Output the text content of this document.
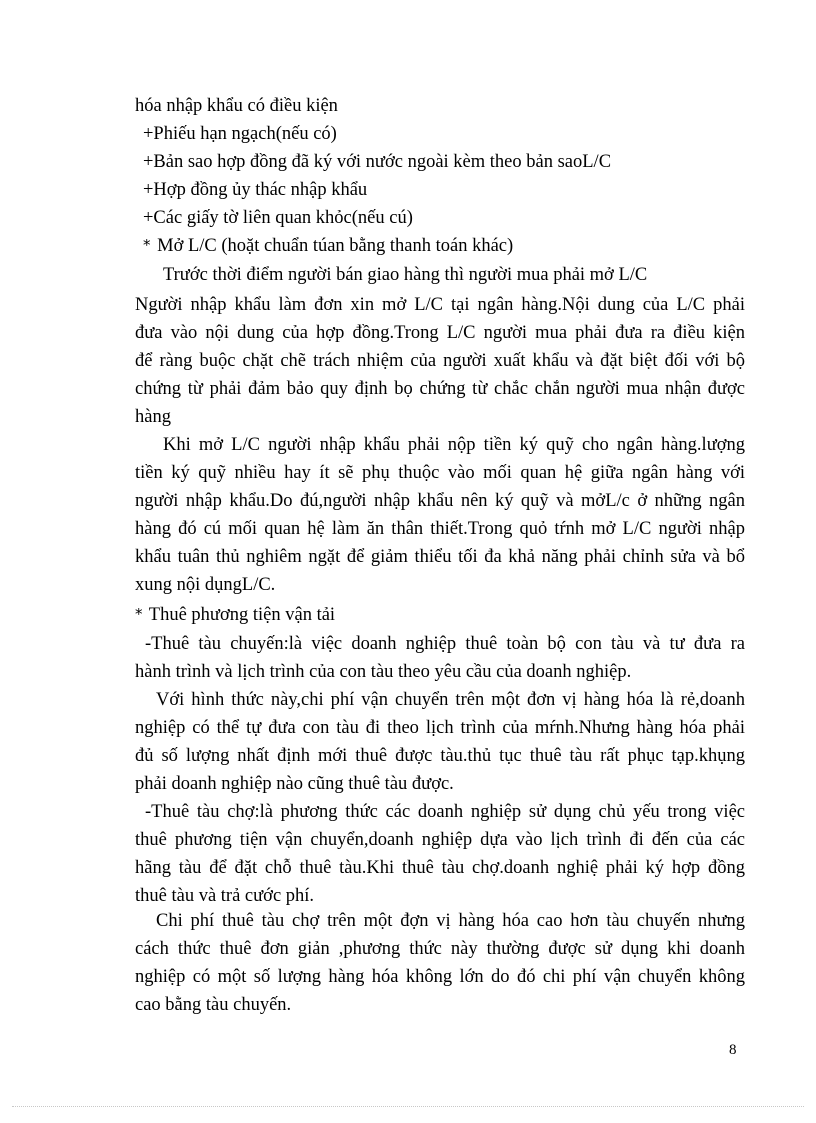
hóa nhập khẩu có điều kiện
+Phiếu hạn ngạch(nếu có)
+Bản sao hợp đồng đã ký với nước ngoài kèm theo bản saoL/C
+Hợp đồng ủy thác nhập khẩu
+Các giấy tờ liên quan khỏc(nếu cú)
* Mở L/C (hoặt chuẩn túan bằng thanh toán khác)
Trước thời điểm người bán giao hàng thì người mua phải mở L/C
Người nhập khẩu làm đơn xin mở L/C tại ngân hàng.Nội dung của L/C phải
đưa vào nội dung của hợp đồng.Trong L/C người mua phải đưa ra điều kiện
để ràng buộc chặt chẽ trách nhiệm của người xuất khẩu và đặt biệt đối với bộ
chứng từ phải đảm bảo quy định bọ chứng từ chắc chắn người mua nhận được
hàng
Khi mở L/C người nhập khẩu phải nộp tiền ký quỹ cho ngân hàng.lượng
tiền ký quỹ nhiều hay ít sẽ phụ thuộc vào mối quan hệ giữa ngân hàng với
người nhập khẩu.Do đú,người nhập khẩu nên ký quỹ và mởL/c ở những ngân
hàng đó cú mối quan hệ làm ăn thân thiết.Trong quỏ tŕnh mở L/C người nhập
khẩu tuân thủ nghiêm ngặt để giảm thiểu tối đa khả năng phải chỉnh sửa và bổ
xung nội dụngL/C.
* Thuê phương tiện vận tải
-Thuê tàu chuyến:là việc doanh nghiệp thuê toàn bộ con tàu và tư đưa ra
hành trình và lịch trình của con tàu theo yêu cầu của doanh nghiệp.
Với hình thức này,chi phí vận chuyển trên một đơn vị hàng hóa là rẻ,doanh
nghiệp có thể tự đưa con tàu đi theo lịch trình của mŕnh.Nhưng hàng hóa phải
đủ số lượng nhất định mới thuê được tàu.thủ tục thuê tàu rất phục tạp.khụng
phải doanh nghiệp nào cũng thuê tàu được.
-Thuê tàu chợ:là phương thức các doanh nghiệp sử dụng chủ yếu trong việc
thuê phương tiện vận chuyển,doanh nghiệp dựa vào lịch trình đi đến của các
hãng tàu để đặt chỗ thuê tàu.Khi thuê tàu chợ.doanh nghiệ phải ký hợp đồng
thuê tàu và trả cước phí.
Chi phí thuê tàu chợ trên một đợn vị hàng hóa cao hơn tàu chuyến nhưng
cách thức thuê đơn giản ,phương thức này thường được sử dụng khi doanh
nghiệp có một số lượng hàng hóa không lớn do đó chi phí vận chuyển không
cao bằng tàu chuyến.
8
